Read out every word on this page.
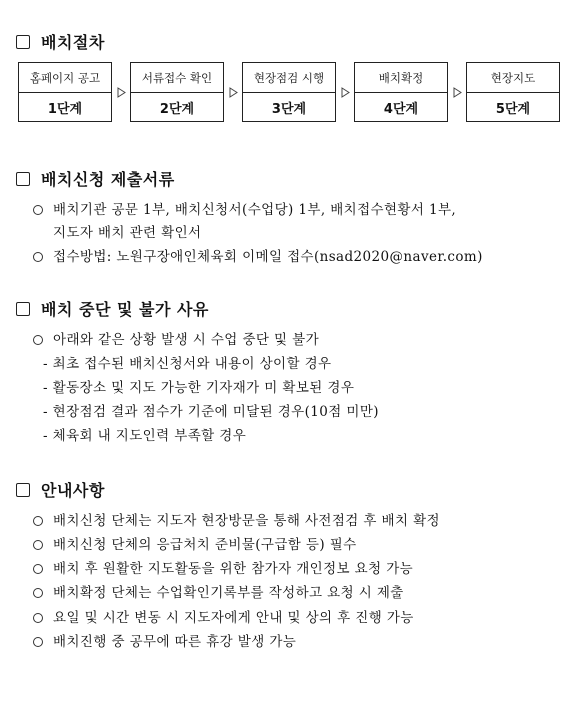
배치절차
홈페이지 공고
1단계
서류접수 확인
2단계
현장점검 시행
3단계
배치확정
4단계
현장지도
5단계
배치신청 제출서류
배치기관 공문 1부, 배치신청서(수업당) 1부, 배치접수현황서 1부,
지도자 배치 관련 확인서
접수방법: 노원구장애인체육회 이메일 접수(nsad2020@naver.com)
배치 중단 및 불가 사유
아래와 같은 상황 발생 시 수업 중단 및 불가
- 최초 접수된 배치신청서와 내용이 상이할 경우
- 활동장소 및 지도 가능한 기자재가 미 확보된 경우
- 현장점검 결과 점수가 기준에 미달된 경우(10점 미만)
- 체육회 내 지도인력 부족할 경우
안내사항
배치신청 단체는 지도자 현장방문을 통해 사전점검 후 배치 확정
배치신청 단체의 응급처치 준비물(구급함 등) 필수
배치 후 원활한 지도활동을 위한 참가자 개인정보 요청 가능
배치확정 단체는 수업확인기록부를 작성하고 요청 시 제출
요일 및 시간 변동 시 지도자에게 안내 및 상의 후 진행 가능
배치진행 중 공무에 따른 휴강 발생 가능
